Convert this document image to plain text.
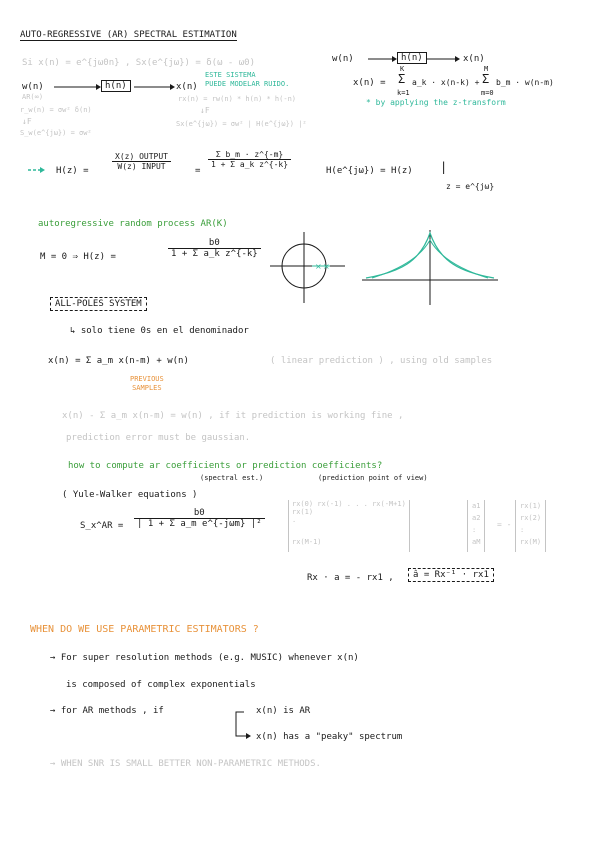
AUTO-REGRESSIVE (AR) SPECTRAL ESTIMATION
Si x(n) = e^{jω0n} , Sx(e^{jω}) = δ(ω - ω0)
AR(∞)
r_w(n) = σw² δ(n)
↓F
S_w(e^{jω}) = σw²
w(n)	h(n)	x(n)
ESTE SISTEMA
PUEDE MODELAR RUIDO.
rx(n) = rw(n) * h(n) * h(-n)
↓F
Sx(e^{jω}) = σw² | H(e^{jω}) |²
w(n)	h(n)	x(n)
x(n) = Σ
K
k=1
a_k · x(n-k) + Σ
M
m=0
b_m · w(n-m)
* by applying the z-transform
H(z) =	$\frac{\text{X(z) OUTPUT}}{\text{W(z) INPUT}}$	=
$\frac{\text{Σ b\_m · z\textasciicircum{}\{-m\}}}{\text{1 + Σ a\_k z\textasciicircum{}\{-k\}}}$
H(e^{jω}) = H(z) |
z = e^{jω}
autoregressive random process AR(K)
M = 0 ⇒ H(z) =	$\frac{b0}{\text{1 + Σ a\_k z\textasciicircum{}\{-k\}}}$
× ×
ALL-POLES SYSTEM
↳ solo tiene 0s en el denominador
x(n) = Σ a_m x(n-m) + w(n)
PREVIOUS
SAMPLES
( linear prediction ) , using old samples
x(n) - Σ a_m x(n-m) = w(n) , if it prediction is working fine ,
prediction error must be gaussian.
how to compute ar coefficients or prediction coefficients?
(spectral est.)	(prediction point of view)
( Yule-Walker equations )
S_x^AR = $\frac{b0}{\text{| 1 + Σ a\_m e\textasciicircum{}\{-jωm\} |²}}$
rx(0) rx(-1) . . . rx(-M+1)
rx(1)
.
rx(M-1)
a1
a2
:
aM
= -
rx(1)
rx(2)
:
rx(M)
Rx · a = - rx1 ,	â = Rx⁻¹ · rx1
WHEN DO WE USE PARAMETRIC ESTIMATORS ?
→ For super resolution methods (e.g. MUSIC) whenever x(n)
is composed of complex exponentials
→ for AR methods , if	x(n) is AR
x(n) has a "peaky" spectrum
→ WHEN SNR IS SMALL BETTER NON-PARAMETRIC METHODS.
